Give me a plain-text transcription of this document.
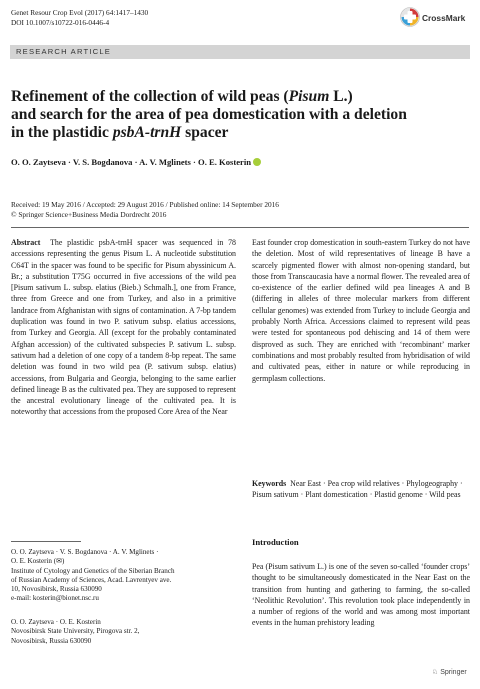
Genet Resour Crop Evol (2017) 64:1417–1430
DOI 10.1007/s10722-016-0446-4	CrossMark
RESEARCH ARTICLE
Refinement of the collection of wild peas (Pisum L.)
and search for the area of pea domestication with a deletion
in the plastidic psbA-trnH spacer
O. O. Zaytseva · V. S. Bogdanova · A. V. Mglinets · O. E. Kosterin
Received: 19 May 2016 / Accepted: 29 August 2016 / Published online: 14 September 2016
© Springer Science+Business Media Dordrecht 2016

Abstract The plastidic psbA-trnH spacer was sequenced in 78 accessions representing the genus Pisum L. A nucleotide substitution C64T in the spacer was found to be specific for Pisum abyssinicum A. Br.; a substitution T75G occurred in five accessions of the wild pea [Pisum sativum L. subsp. elatius (Bieb.) Schmalh.], one from France, three from Greece and one from Turkey, and also in a primitive landrace from Afghanistan with signs of contamination. A 7-bp tandem duplication was found in two P. sativum subsp. elatius accessions, from Turkey and Georgia. All (except for the probably contaminated Afghan accession) of the cultivated subspecies P. sativum L. subsp. sativum had a deletion of one copy of a tandem 8-bp repeat. The same deletion was found in two wild pea (P. sativum subsp. elatius) accessions, from Bulgaria and Georgia, belonging to the same earlier defined lineage B as the cultivated pea. They are supposed to represent the ancestral evolutionary lineage of the cultivated pea. It is noteworthy that accessions from the proposed Core Area of the Near

East founder crop domestication in south-eastern Turkey do not have the deletion. Most of wild representatives of lineage B have a scarcely pigmented flower with almost non-opening standard, but those from Transcaucasia have a normal flower. The revealed area of co-existence of the earlier defined wild pea lineages A and B (differing in alleles of three molecular markers from different cellular genomes) was extended from Turkey to include Georgia and probably North Africa. Accessions claimed to represent wild peas were tested for spontaneous pod dehiscing and 14 of them were disproved as such. They are enriched with ‘recombinant’ marker combinations and most probably resulted from hybridisation of wild and cultivated peas, either in nature or while reproducing in germplasm collections.

Keywords Near East · Pea crop wild relatives · Phylogeography · Pisum sativum · Plant domestication · Plastid genome · Wild peas
Introduction
Pea (Pisum sativum L.) is one of the seven so-called ‘founder crops’ thought to be simultaneously domesticated in the Near East on the transition from hunting and gathering to farming, the so-called ‘Neolithic Revolution’. This revolution took place independently in a number of regions of the world and was among most important events in the human prehistory leading
O. O. Zaytseva · V. S. Bogdanova · A. V. Mglinets ·
O. E. Kosterin (✉)
Institute of Cytology and Genetics of the Siberian Branch
of Russian Academy of Sciences, Acad. Lavrentyev ave.
10, Novosibirsk, Russia 630090
e-mail: kosterin@bionet.nsc.ru
O. O. Zaytseva · O. E. Kosterin
Novosibirsk State University, Pirogova str. 2,
Novosibirsk, Russia 630090
♘ Springer
